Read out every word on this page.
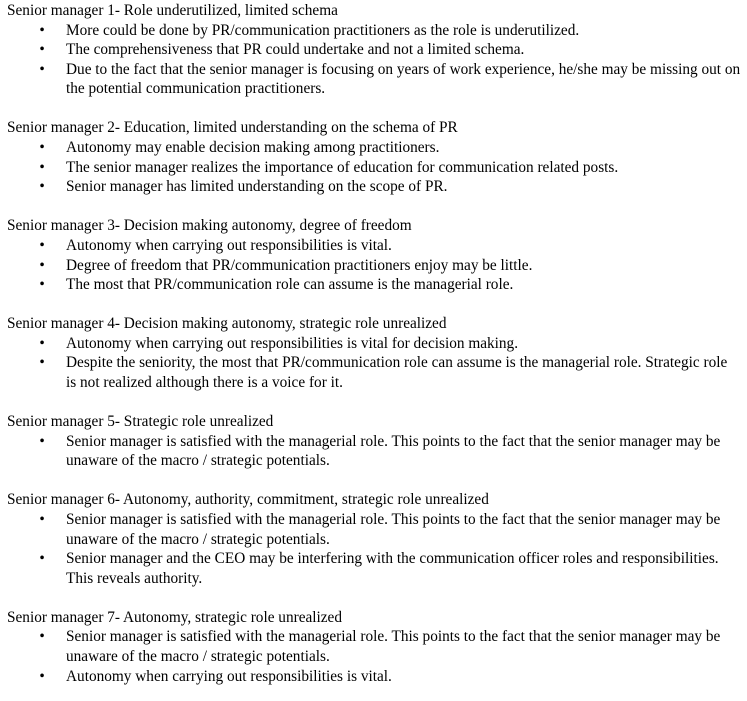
Senior manager 1- Role underutilized, limited schema
• More could be done by PR/communication practitioners as the role is underutilized.
• The comprehensiveness that PR could undertake and not a limited schema.
• Due to the fact that the senior manager is focusing on years of work experience, he/she may be missing out on the potential communication practitioners.
Senior manager 2- Education, limited understanding on the schema of PR
• Autonomy may enable decision making among practitioners.
• The senior manager realizes the importance of education for communication related posts.
• Senior manager has limited understanding on the scope of PR.
Senior manager 3- Decision making autonomy, degree of freedom
• Autonomy when carrying out responsibilities is vital.
• Degree of freedom that PR/communication practitioners enjoy may be little.
• The most that PR/communication role can assume is the managerial role.
Senior manager 4- Decision making autonomy, strategic role unrealized
• Autonomy when carrying out responsibilities is vital for decision making.
• Despite the seniority, the most that PR/communication role can assume is the managerial role. Strategic role is not realized although there is a voice for it.
Senior manager 5- Strategic role unrealized
• Senior manager is satisfied with the managerial role. This points to the fact that the senior manager may be unaware of the macro / strategic potentials.
Senior manager 6- Autonomy, authority, commitment, strategic role unrealized
• Senior manager is satisfied with the managerial role. This points to the fact that the senior manager may be unaware of the macro / strategic potentials.
• Senior manager and the CEO may be interfering with the communication officer roles and responsibilities. This reveals authority.
Senior manager 7- Autonomy, strategic role unrealized
• Senior manager is satisfied with the managerial role. This points to the fact that the senior manager may be unaware of the macro / strategic potentials.
• Autonomy when carrying out responsibilities is vital.
